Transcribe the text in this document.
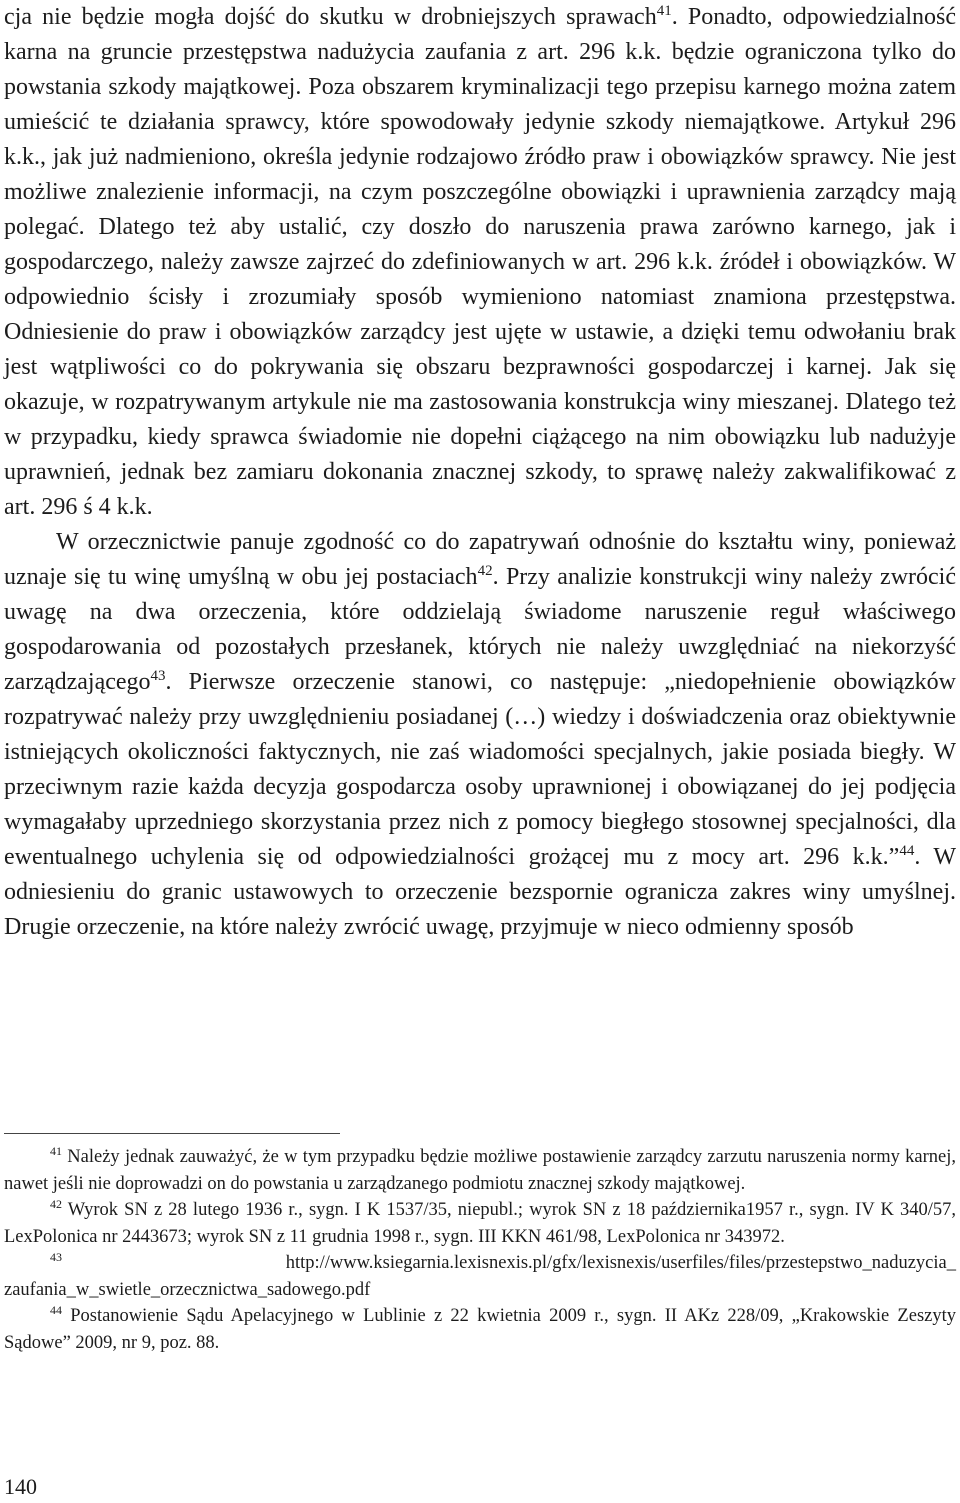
cja nie będzie mogła dojść do skutku w drobniejszych sprawach$^{41}$. Ponadto, odpowiedzialność karna na gruncie przestępstwa nadużycia zaufania z art. 296 k.k. będzie ograniczona tylko do powstania szkody majątkowej. Poza obszarem kryminalizacji tego przepisu karnego można zatem umieścić te działania sprawcy, które spowodowały jedynie szkody niemajątkowe. Artykuł 296 k.k., jak już nadmieniono, określa jedynie rodzajowo źródło praw i obowiązków sprawcy. Nie jest możliwe znalezienie informacji, na czym poszczególne obowiązki i uprawnienia zarządcy mają polegać. Dlatego też aby ustalić, czy doszło do naruszenia prawa zarówno karnego, jak i gospodarczego, należy zawsze zajrzeć do zdefiniowanych w art. 296 k.k. źródeł i obowiązków. W odpowiednio ścisły i zrozumiały sposób wymieniono natomiast znamiona przestępstwa. Odniesienie do praw i obowiązków zarządcy jest ujęte w ustawie, a dzięki temu odwołaniu brak jest wątpliwości co do pokrywania się obszaru bezprawności gospodarczej i karnej. Jak się okazuje, w rozpatrywanym artykule nie ma zastosowania konstrukcja winy mieszanej. Dlatego też w przypadku, kiedy sprawca świadomie nie dopełni ciążącego na nim obowiązku lub nadużyje uprawnień, jednak bez zamiaru dokonania znacznej szkody, to sprawę należy zakwalifikować z art. 296 ś 4 k.k.

W orzecznictwie panuje zgodność co do zapatrywań odnośnie do kształtu winy, ponieważ uznaje się tu winę umyślną w obu jej postaciach$^{42}$. Przy analizie konstrukcji winy należy zwrócić uwagę na dwa orzeczenia, które oddzielają świadome naruszenie reguł właściwego gospodarowania od pozostałych przesłanek, których nie należy uwzględniać na niekorzyść zarządzającego$^{43}$. Pierwsze orzeczenie stanowi, co następuje: „niedopełnienie obowiązków rozpatrywać należy przy uwzględnieniu posiadanej (…) wiedzy i doświadczenia oraz obiektywnie istniejących okoliczności faktycznych, nie zaś wiadomości specjalnych, jakie posiada biegły. W przeciwnym razie każda decyzja gospodarcza osoby uprawnionej i obowiązanej do jej podjęcia wymagałaby uprzedniego skorzystania przez nich z pomocy biegłego stosownej specjalności, dla ewentualnego uchylenia się od odpowiedzialności grożącej mu z mocy art. 296 k.k.”$^{44}$. W odniesieniu do granic ustawowych to orzeczenie bezspornie ogranicza zakres winy umyślnej. Drugie orzeczenie, na które należy zwrócić uwagę, przyjmuje w nieco odmienny sposób

$^{41}$ Należy jednak zauważyć, że w tym przypadku będzie możliwe postawienie zarządcy zarzutu naruszenia normy karnej, nawet jeśli nie doprowadzi on do powstania u zarządzanego podmiotu znacznej szkody majątkowej.

$^{42}$ Wyrok SN z 28 lutego 1936 r., sygn. I K 1537/35, niepubl.; wyrok SN z 18 października1957 r., sygn. IV K 340/57, LexPolonica nr 2443673; wyrok SN z 11 grudnia 1998 r., sygn. III KKN 461/98, LexPolonica nr 343972.

$^{43}$ http://www.ksiegarnia.lexisnexis.pl/gfx/lexisnexis/userfiles/files/przestepstwo_naduzycia_ zaufania_w_swietle_orzecznictwa_sadowego.pdf

$^{44}$ Postanowienie Sądu Apelacyjnego w Lublinie z 22 kwietnia 2009 r., sygn. II AKz 228/09, „Krakowskie Zeszyty Sądowe” 2009, nr 9, poz. 88.

140
